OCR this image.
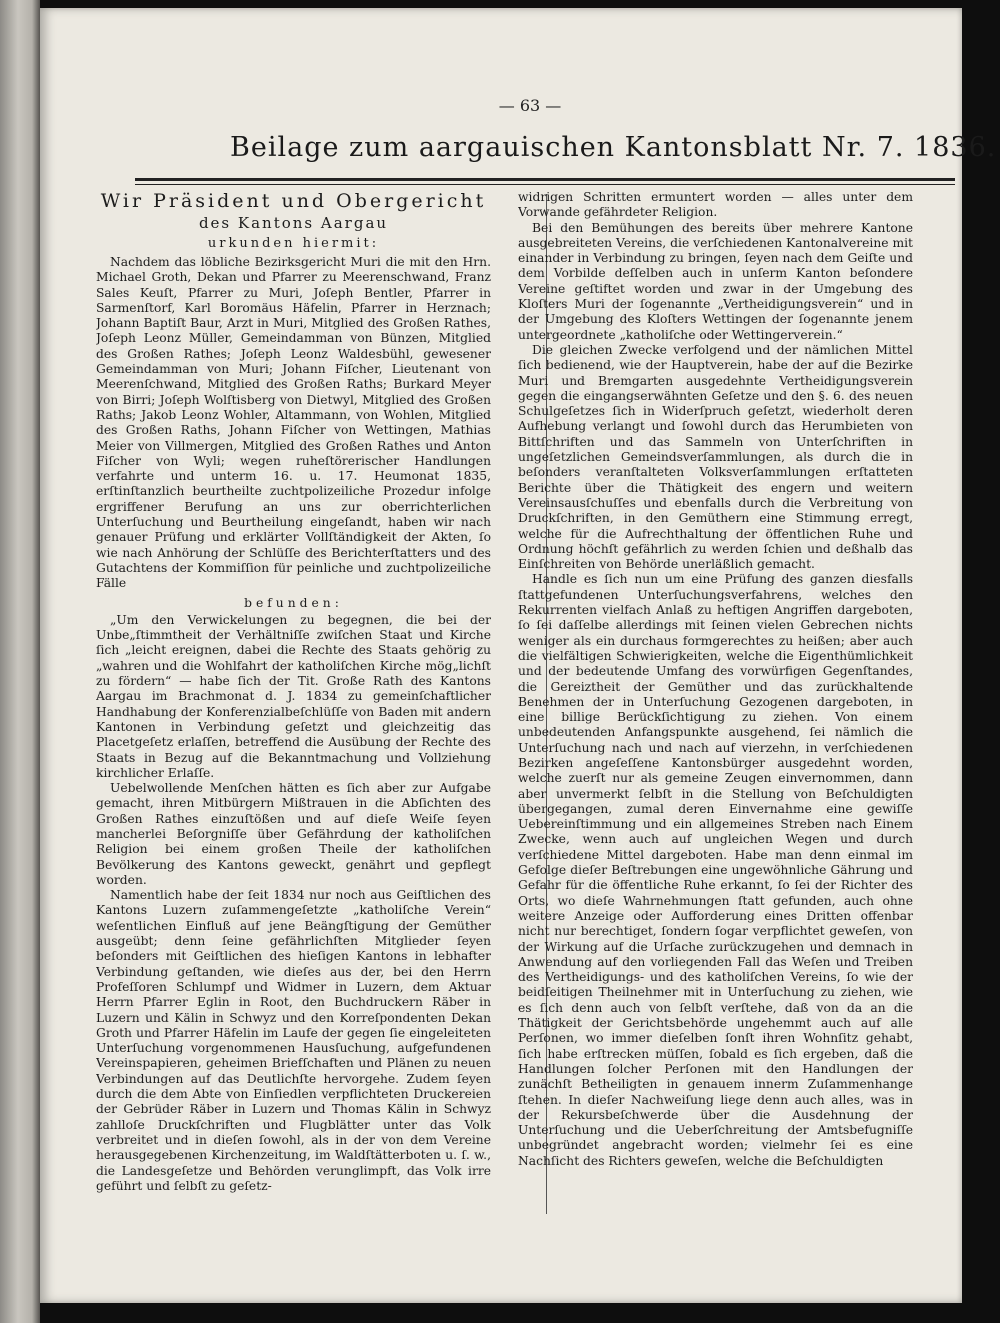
— 63 —
Beilage zum aargauischen Kantonsblatt Nr. 7. 1836.
Wir Präsident und Obergericht
des Kantons Aargau
urkunden hiermit:

Nachdem das löbliche Bezirksgericht Muri die mit den Hrn. Michael Groth, Dekan und Pfarrer zu Meerenschwand, Franz Sales Keuſt, Pfarrer zu Muri, Joſeph Bentler, Pfarrer in Sarmenſtorf, Karl Boromäus Häfelin, Pfarrer in Herznach; Johann Baptiſt Baur, Arzt in Muri, Mitglied des Großen Rathes, Joſeph Leonz Müller, Gemeindamman von Bünzen, Mitglied des Großen Rathes; Joſeph Leonz Waldesbühl, gewesener Gemeindamman von Muri; Johann Fiſcher, Lieutenant von Meerenſchwand, Mitglied des Großen Raths; Burkard Meyer von Birri; Joſeph Wolſtisberg von Dietwyl, Mitglied des Großen Raths; Jakob Leonz Wohler, Altammann, von Wohlen, Mitglied des Großen Raths, Johann Fiſcher von Wettingen, Mathias Meier von Villmergen, Mitglied des Großen Rathes und Anton Fiſcher von Wyli; wegen ruheſtörerischer Handlungen verfahrte und unterm 16. u. 17. Heumonat 1835, erſtinſtanzlich beurtheilte zuchtpolizeiliche Prozedur infolge ergriffener Berufung an uns zur oberrichterlichen Unterſuchung und Beurtheilung eingeſandt, haben wir nach genauer Prüfung und erklärter Vollſtändigkeit der Akten, ſo wie nach Anhörung der Schlüſſe des Berichterſtatters und des Gutachtens der Kommiſſion für peinliche und zuchtpolizeiliche Fälle

befunden:

„Um den Verwickelungen zu begegnen, die bei der Unbe„ſtimmtheit der Verhältniſſe zwiſchen Staat und Kirche ſich „leicht ereignen, dabei die Rechte des Staats gehörig zu „wahren und die Wohlfahrt der katholiſchen Kirche mög„lichſt zu fördern“ — habe ſich der Tit. Große Rath des Kantons Aargau im Brachmonat d. J. 1834 zu gemeinſchaftlicher Handhabung der Konferenzialbeſchlüſſe von Baden mit andern Kantonen in Verbindung geſetzt und gleichzeitig das Placetgeſetz erlaſſen, betreffend die Ausübung der Rechte des Staats in Bezug auf die Bekanntmachung und Vollziehung kirchlicher Erlaſſe.

Uebelwollende Menſchen hätten es ſich aber zur Aufgabe gemacht, ihren Mitbürgern Mißtrauen in die Abſichten des Großen Rathes einzuſtößen und auf dieſe Weiſe ſeyen mancherlei Beſorgniſſe über Gefährdung der katholiſchen Religion bei einem großen Theile der katholiſchen Bevölkerung des Kantons geweckt, genährt und gepflegt worden.

Namentlich habe der ſeit 1834 nur noch aus Geiſtlichen des Kantons Luzern zuſammengeſetzte „katholiſche Verein“ weſentlichen Einfluß auf jene Beängſtigung der Gemüther ausgeübt; denn ſeine gefährlichſten Mitglieder ſeyen beſonders mit Geiſtlichen des hieſigen Kantons in lebhafter Verbindung geſtanden, wie dieſes aus der, bei den Herrn Profeſſoren Schlumpf und Widmer in Luzern, dem Aktuar Herrn Pfarrer Eglin in Root, den Buchdruckern Räber in Luzern und Kälin in Schwyz und den Korreſpondenten Dekan Groth und Pfarrer Häfelin im Laufe der gegen ſie eingeleiteten Unterſuchung vorgenommenen Hausſuchung, aufgefundenen Vereinspapieren, geheimen Briefſchaften und Plänen zu neuen Verbindungen auf das Deutlichſte hervorgehe. Zudem ſeyen durch die dem Abte von Einſiedlen verpflichteten Druckereien der Gebrüder Räber in Luzern und Thomas Kälin in Schwyz zahlloſe Druckſchriften und Flugblätter unter das Volk verbreitet und in dieſen ſowohl, als in der von dem Vereine herausgegebenen Kirchenzeitung, im Waldſtätterboten u. ſ. w., die Landesgeſetze und Behörden verunglimpft, das Volk irre geführt und ſelbſt zu geſetz-

widrigen Schritten ermuntert worden — alles unter dem Vorwande gefährdeter Religion.

Bei den Bemühungen des bereits über mehrere Kantone ausgebreiteten Vereins, die verſchiedenen Kantonalvereine mit einander in Verbindung zu bringen, ſeyen nach dem Geiſte und dem Vorbilde deſſelben auch in unſerm Kanton beſondere Vereine geſtiftet worden und zwar in der Umgebung des Kloſters Muri der ſogenannte „Vertheidigungsverein“ und in der Umgebung des Kloſters Wettingen der ſogenannte jenem untergeordnete „katholiſche oder Wettingerverein.“

Die gleichen Zwecke verfolgend und der nämlichen Mittel ſich bedienend, wie der Hauptverein, habe der auf die Bezirke Muri und Bremgarten ausgedehnte Vertheidigungsverein gegen die eingangserwähnten Geſetze und den §. 6. des neuen Schulgeſetzes ſich in Widerſpruch geſetzt, wiederholt deren Aufhebung verlangt und ſowohl durch das Herumbieten von Bittſchriften und das Sammeln von Unterſchriften in ungeſetzlichen Gemeindsverſammlungen, als durch die in beſonders veranſtalteten Volksverſammlungen erſtatteten Berichte über die Thätigkeit des engern und weitern Vereinsausſchuſſes und ebenfalls durch die Verbreitung von Druckſchriften, in den Gemüthern eine Stimmung erregt, welche für die Aufrechthaltung der öffentlichen Ruhe und Ordnung höchſt gefährlich zu werden ſchien und deßhalb das Einſchreiten von Behörde unerläßlich gemacht.

Handle es ſich nun um eine Prüfung des ganzen diesfalls ſtattgefundenen Unterſuchungsverfahrens, welches den Rekurrenten vielfach Anlaß zu heftigen Angriffen dargeboten, ſo ſei daſſelbe allerdings mit ſeinen vielen Gebrechen nichts weniger als ein durchaus formgerechtes zu heißen; aber auch die vielfältigen Schwierigkeiten, welche die Eigenthümlichkeit und der bedeutende Umfang des vorwürfigen Gegenſtandes, die Gereiztheit der Gemüther und das zurückhaltende Benehmen der in Unterſuchung Gezogenen dargeboten, in eine billige Berückſichtigung zu ziehen. Von einem unbedeutenden Anfangspunkte ausgehend, ſei nämlich die Unterſuchung nach und nach auf vierzehn, in verſchiedenen Bezirken angeſeſſene Kantonsbürger ausgedehnt worden, welche zuerſt nur als gemeine Zeugen einvernommen, dann aber unvermerkt ſelbſt in die Stellung von Beſchuldigten übergegangen, zumal deren Einvernahme eine gewiſſe Uebereinſtimmung und ein allgemeines Streben nach Einem Zwecke, wenn auch auf ungleichen Wegen und durch verſchiedene Mittel dargeboten. Habe man denn einmal im Gefolge dieſer Beſtrebungen eine ungewöhnliche Gährung und Gefahr für die öffentliche Ruhe erkannt, ſo ſei der Richter des Orts, wo dieſe Wahrnehmungen ſtatt gefunden, auch ohne weitere Anzeige oder Aufforderung eines Dritten offenbar nicht nur berechtiget, ſondern ſogar verpflichtet geweſen, von der Wirkung auf die Urſache zurückzugehen und demnach in Anwendung auf den vorliegenden Fall das Weſen und Treiben des Vertheidigungs- und des katholiſchen Vereins, ſo wie der beidſeitigen Theilnehmer mit in Unterſuchung zu ziehen, wie es ſich denn auch von ſelbſt verſtehe, daß von da an die Thätigkeit der Gerichtsbehörde ungehemmt auch auf alle Perſonen, wo immer dieſelben ſonſt ihren Wohnſitz gehabt, ſich habe erſtrecken müſſen, ſobald es ſich ergeben, daß die Handlungen ſolcher Perſonen mit den Handlungen der zunächſt Betheiligten in genauem innerm Zuſammenhange ſtehen. In dieſer Nachweiſung liege denn auch alles, was in der Rekursbeſchwerde über die Ausdehnung der Unterſuchung und die Ueberſchreitung der Amtsbefugniſſe unbegründet angebracht worden; vielmehr ſei es eine Nachſicht des Richters geweſen, welche die Beſchuldigten
